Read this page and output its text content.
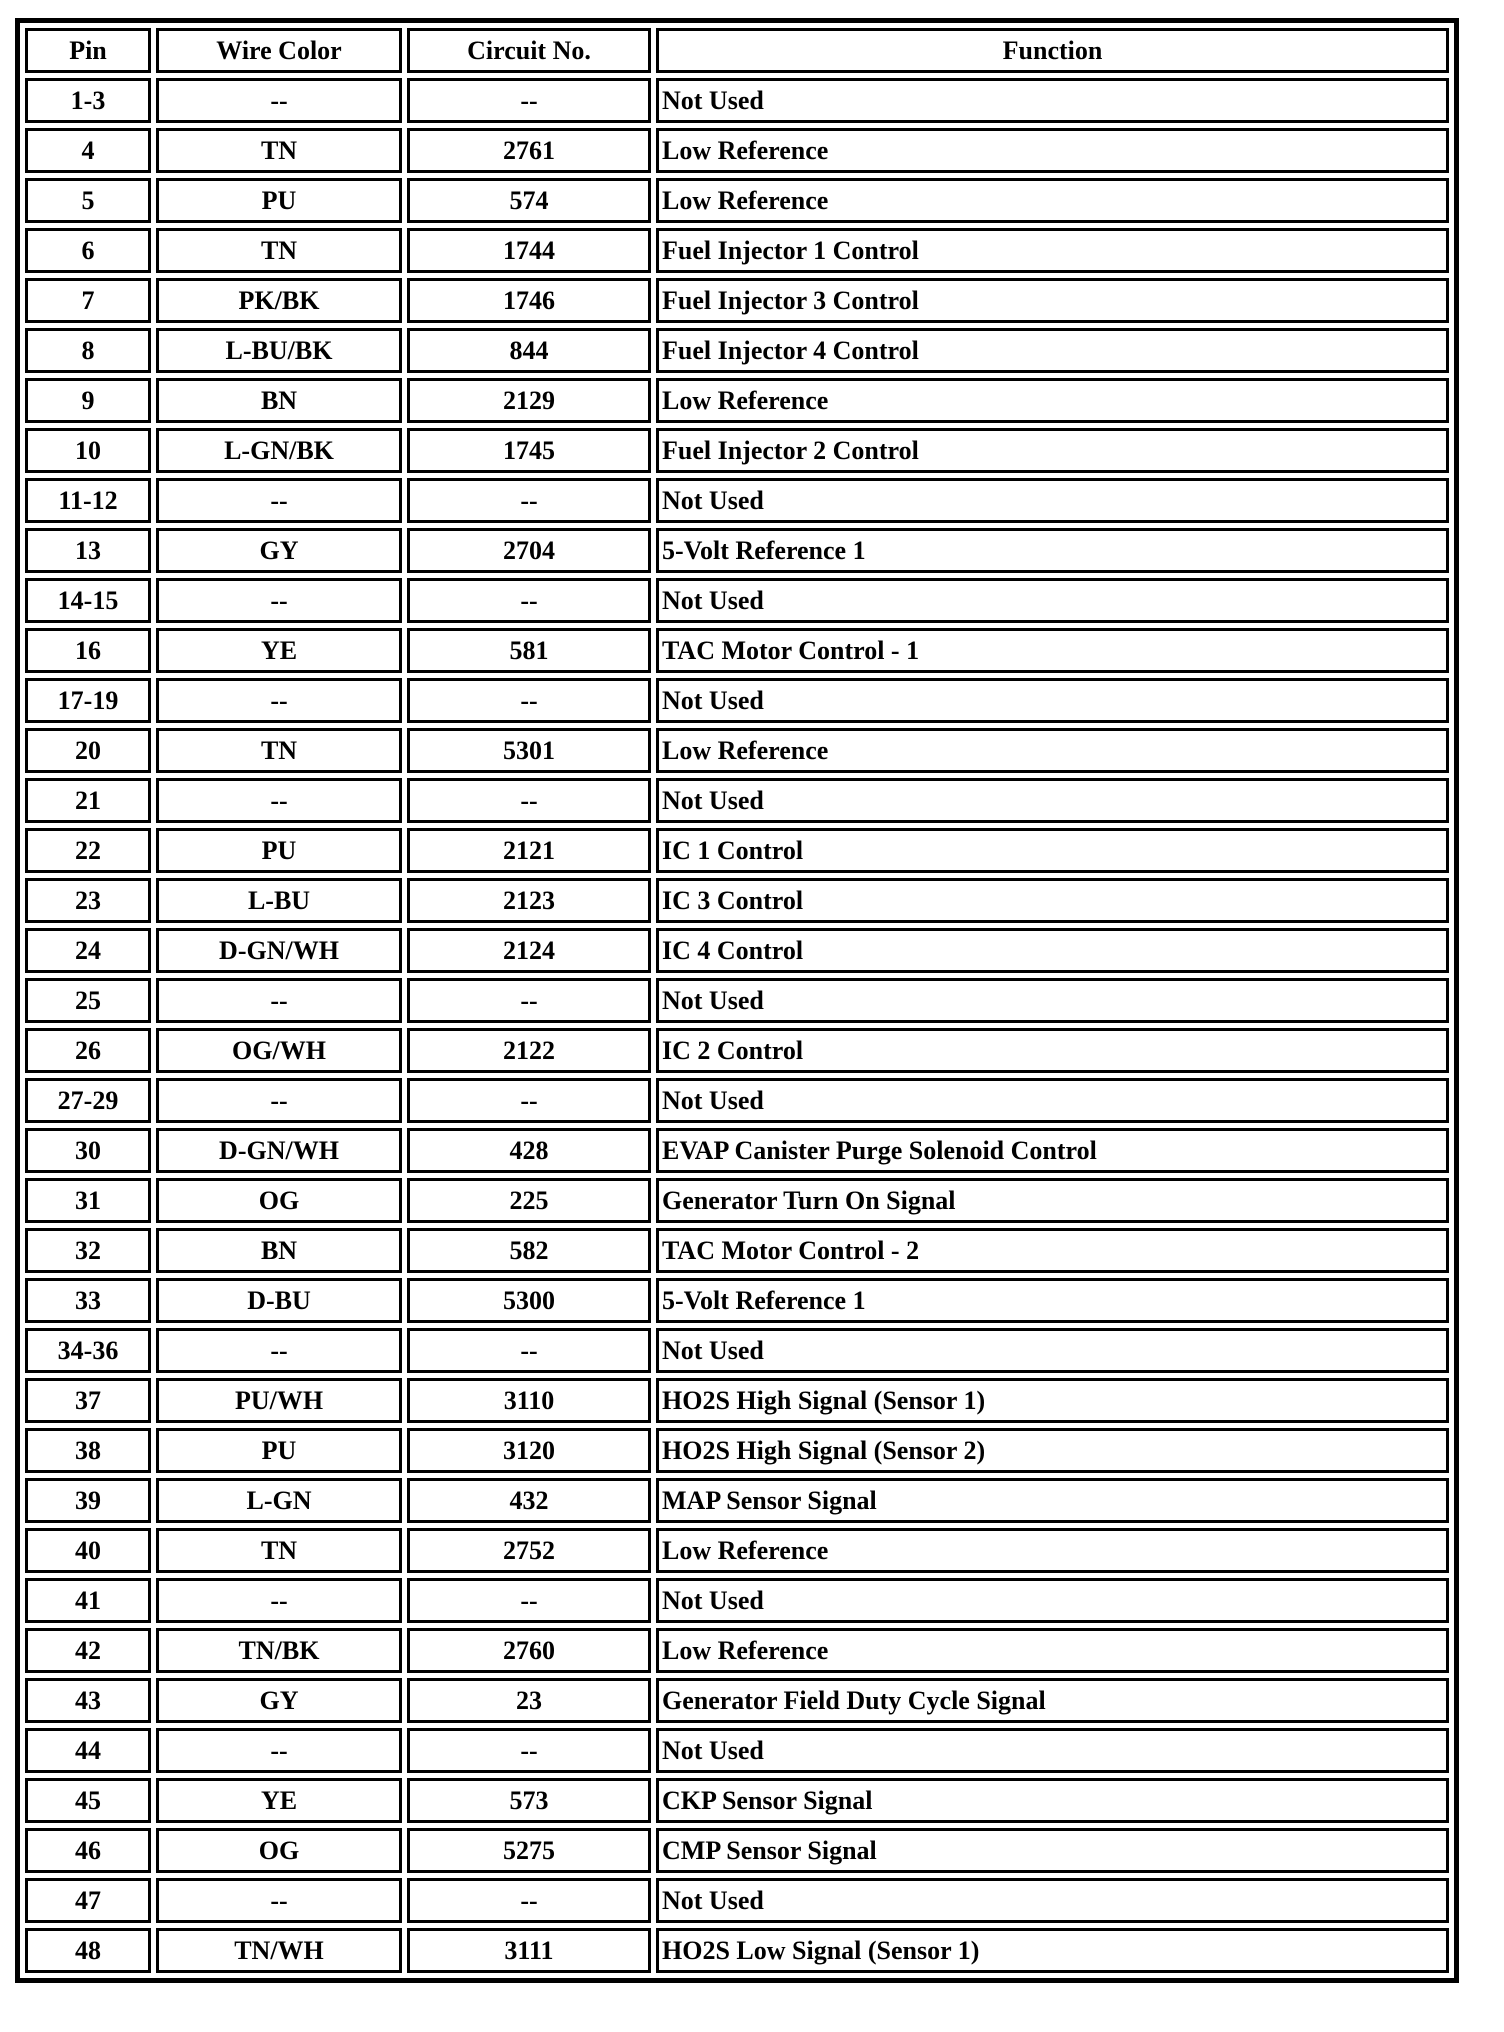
Pin	Wire Color	Circuit No.	Function
1-3	--	--	Not Used
4	TN	2761	Low Reference
5	PU	574	Low Reference
6	TN	1744	Fuel Injector 1 Control
7	PK/BK	1746	Fuel Injector 3 Control
8	L-BU/BK	844	Fuel Injector 4 Control
9	BN	2129	Low Reference
10	L-GN/BK	1745	Fuel Injector 2 Control
11-12	--	--	Not Used
13	GY	2704	5-Volt Reference 1
14-15	--	--	Not Used
16	YE	581	TAC Motor Control - 1
17-19	--	--	Not Used
20	TN	5301	Low Reference
21	--	--	Not Used
22	PU	2121	IC 1 Control
23	L-BU	2123	IC 3 Control
24	D-GN/WH	2124	IC 4 Control
25	--	--	Not Used
26	OG/WH	2122	IC 2 Control
27-29	--	--	Not Used
30	D-GN/WH	428	EVAP Canister Purge Solenoid Control
31	OG	225	Generator Turn On Signal
32	BN	582	TAC Motor Control - 2
33	D-BU	5300	5-Volt Reference 1
34-36	--	--	Not Used
37	PU/WH	3110	HO2S High Signal (Sensor 1)
38	PU	3120	HO2S High Signal (Sensor 2)
39	L-GN	432	MAP Sensor Signal
40	TN	2752	Low Reference
41	--	--	Not Used
42	TN/BK	2760	Low Reference
43	GY	23	Generator Field Duty Cycle Signal
44	--	--	Not Used
45	YE	573	CKP Sensor Signal
46	OG	5275	CMP Sensor Signal
47	--	--	Not Used
48	TN/WH	3111	HO2S Low Signal (Sensor 1)
